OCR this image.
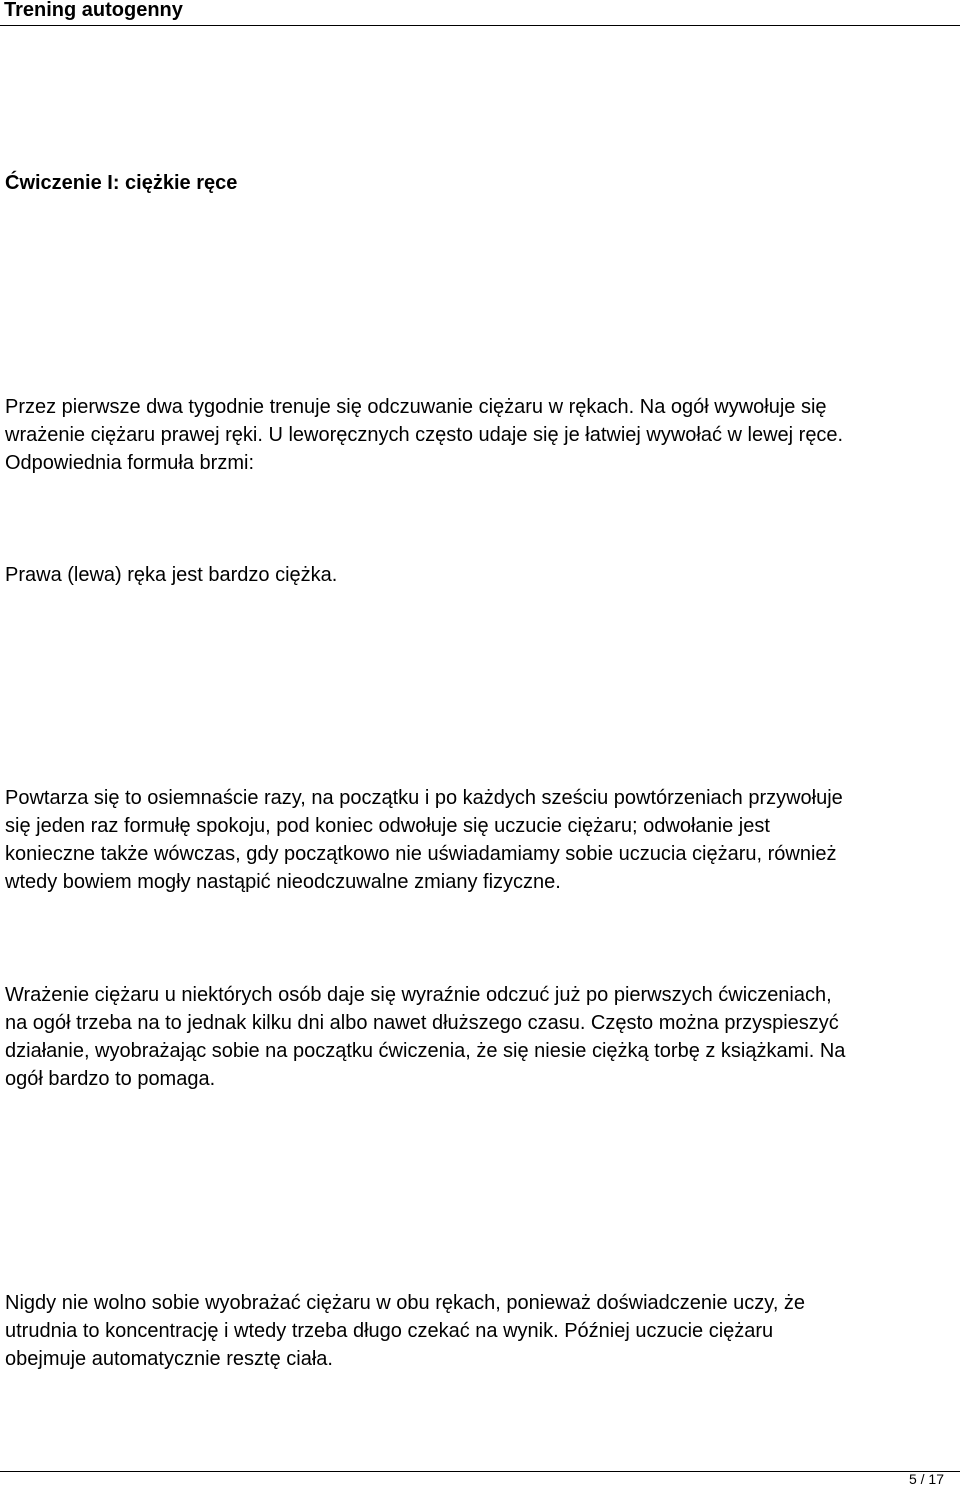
Trening autogenny
Ćwiczenie I: ciężkie ręce

Przez pierwsze dwa tygodnie trenuje się odczuwanie ciężaru w rękach. Na ogół wywołuje się
wrażenie ciężaru prawej ręki. U leworęcznych często udaje się je łatwiej wywołać w lewej ręce.
Odpowiednia formuła brzmi:

Prawa (lewa) ręka jest bardzo ciężka.

Powtarza się to osiemnaście razy, na początku i po każdych sześciu powtórzeniach przywołuje
się jeden raz formułę spokoju, pod koniec odwołuje się uczucie ciężaru; odwołanie jest
konieczne także wówczas, gdy początkowo nie uświadamiamy sobie uczucia ciężaru, również
wtedy bowiem mogły nastąpić nieodczuwalne zmiany fizyczne.

Wrażenie ciężaru u niektórych osób daje się wyraźnie odczuć już po pierwszych ćwiczeniach,
na ogół trzeba na to jednak kilku dni albo nawet dłuższego czasu. Często można przyspieszyć
działanie, wyobrażając sobie na początku ćwiczenia, że się niesie ciężką torbę z książkami. Na
ogół bardzo to pomaga.

Nigdy nie wolno sobie wyobrażać ciężaru w obu rękach, ponieważ doświadczenie uczy, że
utrudnia to koncentrację i wtedy trzeba długo czekać na wynik. Później uczucie ciężaru
obejmuje automatycznie resztę ciała.

5 / 17
